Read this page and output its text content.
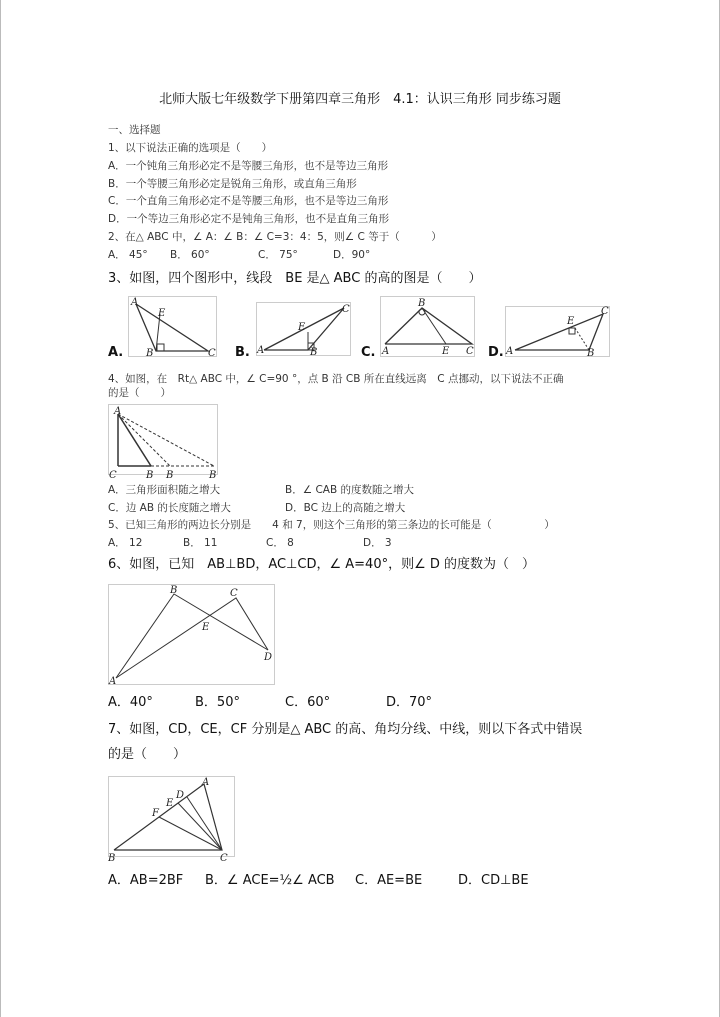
北师大版七年级数学下册第四章三角形　4.1：认识三角形 同步练习题
一、选择题
1、以下说法正确的选项是（　　）
A．一个钝角三角形必定不是等腰三角形，也不是等边三角形
B．一个等腰三角形必定是锐角三角形，或直角三角形
C．一个直角三角形必定不是等腰三角形，也不是等边三角形
D．一个等边三角形必定不是钝角三角形，也不是直角三角形
2、在△ ABC 中，∠ A：∠ B：∠ C=3：4：5，则∠ C 等于（　　　）
A． 45° B． 60°	C． 75°	D．90°
3、如图，四个图形中，线段　BE 是△ ABC 的高的图是（　　）
A.	B.	C.	D.
A
E
B	C	A
E
B
C
B
A	E C	A
E
B
C
4、如图，在　Rt△ ABC 中，∠ C=90 °，点 B 沿 CB 所在直线远离　C 点挪动，以下说法不正确
的是（　　）
A
C	B B	B
A．三角形面积随之增大	B．∠ CAB 的度数随之增大
C．边 AB 的长度随之增大	D．BC 边上的高随之增大
5、已知三角形的两边长分别是　　4 和 7，则这个三角形的第三条边的长可能是（　　　　　）
A． 12	B． 11	C． 8	D． 3
6、如图，已知　AB⊥BD，AC⊥CD，∠ A=40°，则∠ D 的度数为（　）
A
B	C
E
D
A．40°	B．50°	C．60°	D．70°
7、如图，CD，CE，CF 分别是△ ABC 的高、角均分线、中线，则以下各式中错误
的是（　　）
B
A
C
F
E
D
A．AB=2BF B．∠ ACE=½∠ ACB C．AE=BE	D．CD⊥BE
